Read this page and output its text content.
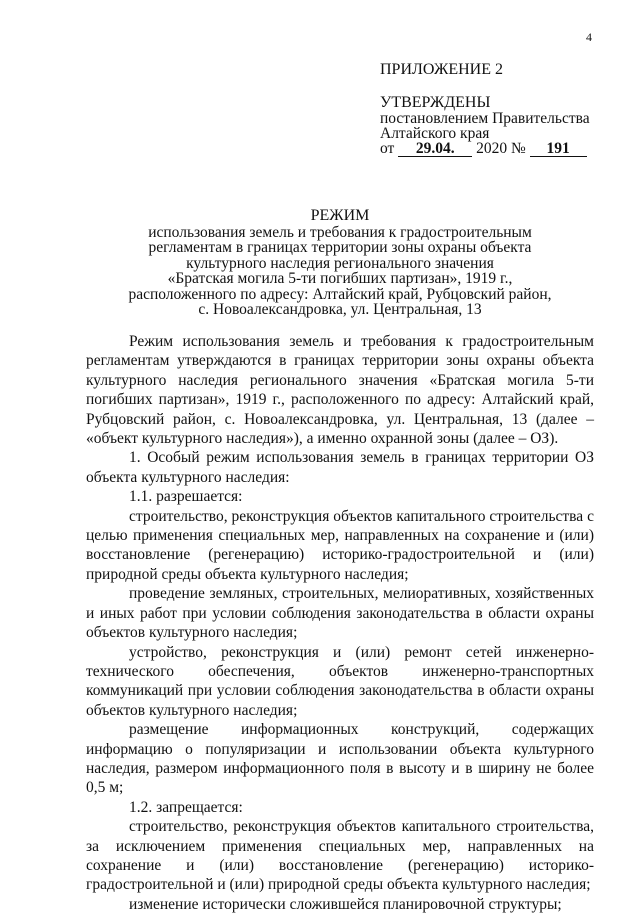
4
ПРИЛОЖЕНИЕ 2
УТВЕРЖДЕНЫ
постановлением Правительства
Алтайского края
от 29.04. 2020 № 191
РЕЖИМ
использования земель и требования к градостроительным
регламентам в границах территории зоны охраны объекта
культурного наследия регионального значения
«Братская могила 5-ти погибших партизан», 1919 г.,
расположенного по адресу: Алтайский край, Рубцовский район,
с. Новоалександровка, ул. Центральная, 13

Режим использования земель и требования к градостроительным регламентам утверждаются в границах территории зоны охраны объекта культурного наследия регионального значения «Братская могила 5-ти погибших партизан», 1919 г., расположенного по адресу: Алтайский край, Рубцовский район, с. Новоалександровка, ул. Центральная, 13 (далее – «объект культурного наследия»), а именно охранной зоны (далее – ОЗ).

1. Особый режим использования земель в границах территории ОЗ объекта культурного наследия:

1.1. разрешается:

строительство, реконструкция объектов капитального строительства с целью применения специальных мер, направленных на сохранение и (или) восстановление (регенерацию) историко-градостроительной и (или) природной среды объекта культурного наследия;

проведение земляных, строительных, мелиоративных, хозяйственных и иных работ при условии соблюдения законодательства в области охраны объектов культурного наследия;

устройство, реконструкция и (или) ремонт сетей инженерно-технического обеспечения, объектов инженерно-транспортных коммуникаций при условии соблюдения законодательства в области охраны объектов культурного наследия;

размещение информационных конструкций, содержащих информацию о популяризации и использовании объекта культурного наследия, размером информационного поля в высоту и в ширину не более 0,5 м;

1.2. запрещается:

строительство, реконструкция объектов капитального строительства, за исключением применения специальных мер, направленных на сохранение и (или) восстановление (регенерацию) историко-градостроительной и (или) природной среды объекта культурного наследия;

изменение исторически сложившейся планировочной структуры;
